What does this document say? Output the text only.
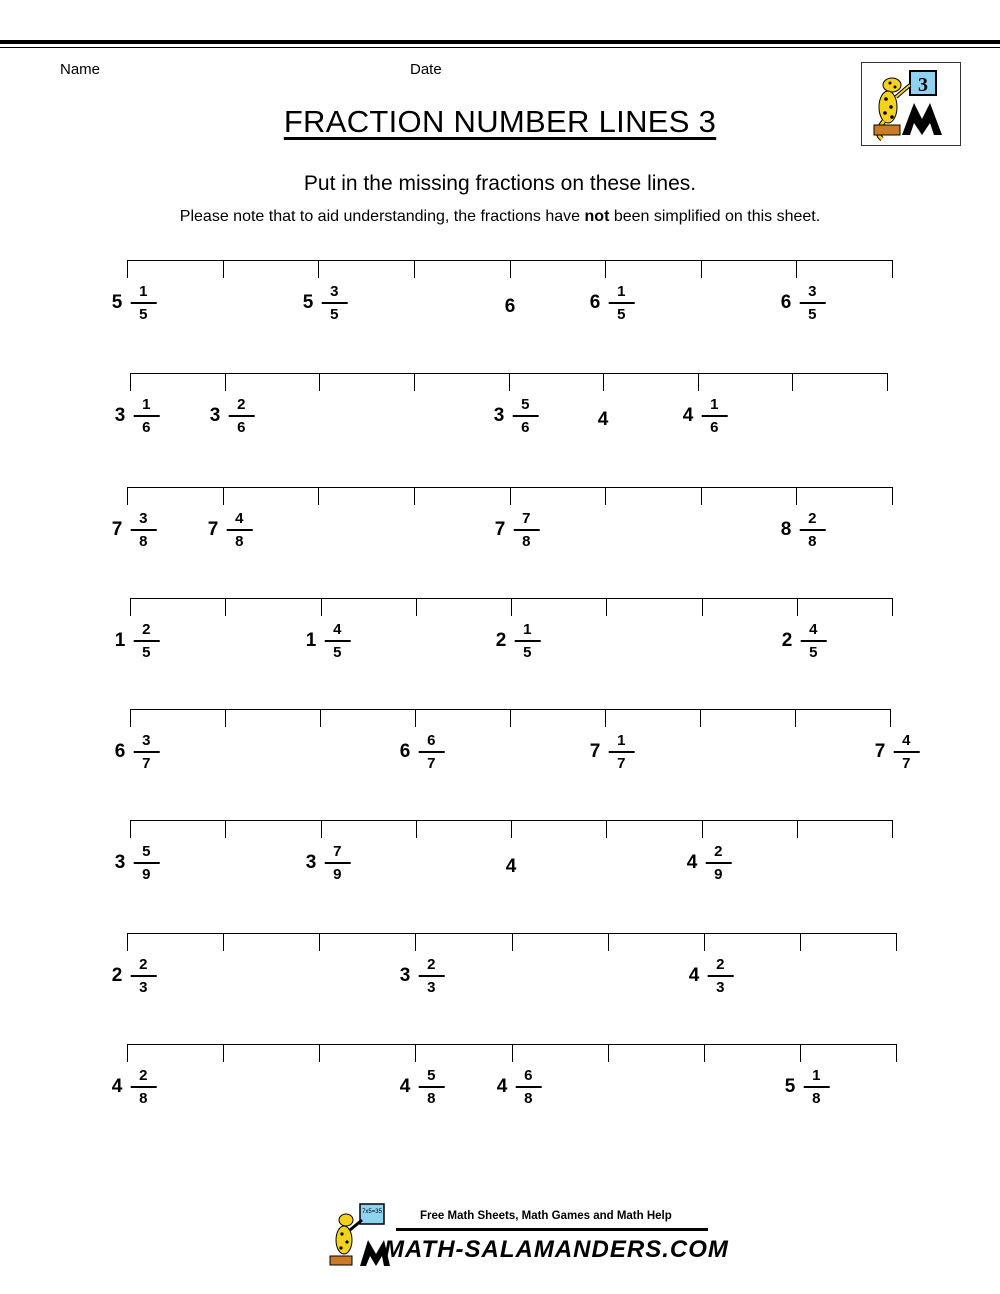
Name	Date
3
FRACTION NUMBER LINES 3
Put in the missing fractions on these lines.
Please note that to aid understanding, the fractions have not been simplified on this sheet.
$5 \frac{1}{5}$	$5 \frac{3}{5}$	6	$6 \frac{1}{5}$	$6 \frac{3}{5}$
$3 \frac{1}{6}$	$3 \frac{2}{6}$	$3 \frac{5}{6}$	4	$4 \frac{1}{6}$
$7 \frac{3}{8}$	$7 \frac{4}{8}$	$7 \frac{7}{8}$	$8 \frac{2}{8}$
$1 \frac{2}{5}$	$1 \frac{4}{5}$	$2 \frac{1}{5}$	$2 \frac{4}{5}$
$6 \frac{3}{7}$	$6 \frac{6}{7}$	$7 \frac{1}{7}$	$7 \frac{4}{7}$
$3 \frac{5}{9}$	$3 \frac{7}{9}$	4	$4 \frac{2}{9}$
$2 \frac{2}{3}$	$3 \frac{2}{3}$	$4 \frac{2}{3}$
$4 \frac{2}{8}$	$4 \frac{5}{8}$	$4 \frac{6}{8}$	$5 \frac{1}{8}$
7x5=35	Free Math Sheets, Math Games and Math Help
MATH-SALAMANDERS.COM
